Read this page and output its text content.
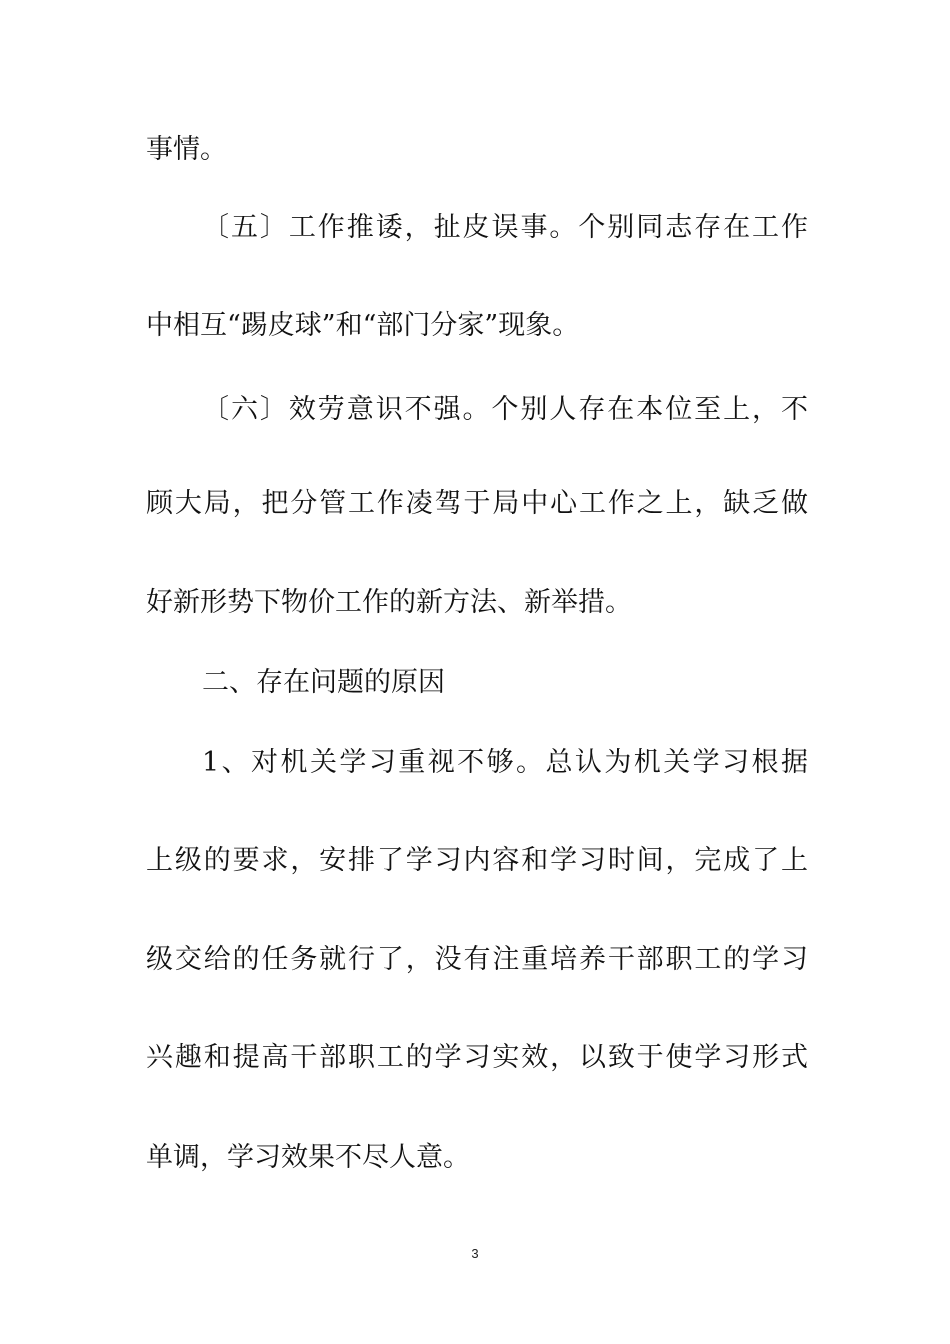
事情。
〔五〕工作推诿，扯皮误事。个别同志存在工作
中相互“踢皮球”和“部门分家”现象。
〔六〕效劳意识不强。个别人存在本位至上，不
顾大局，把分管工作凌驾于局中心工作之上，缺乏做
好新形势下物价工作的新方法、新举措。
二、存在问题的原因
1、对机关学习重视不够。总认为机关学习根据
上级的要求，安排了学习内容和学习时间，完成了上
级交给的任务就行了，没有注重培养干部职工的学习
兴趣和提高干部职工的学习实效，以致于使学习形式
单调，学习效果不尽人意。
3
